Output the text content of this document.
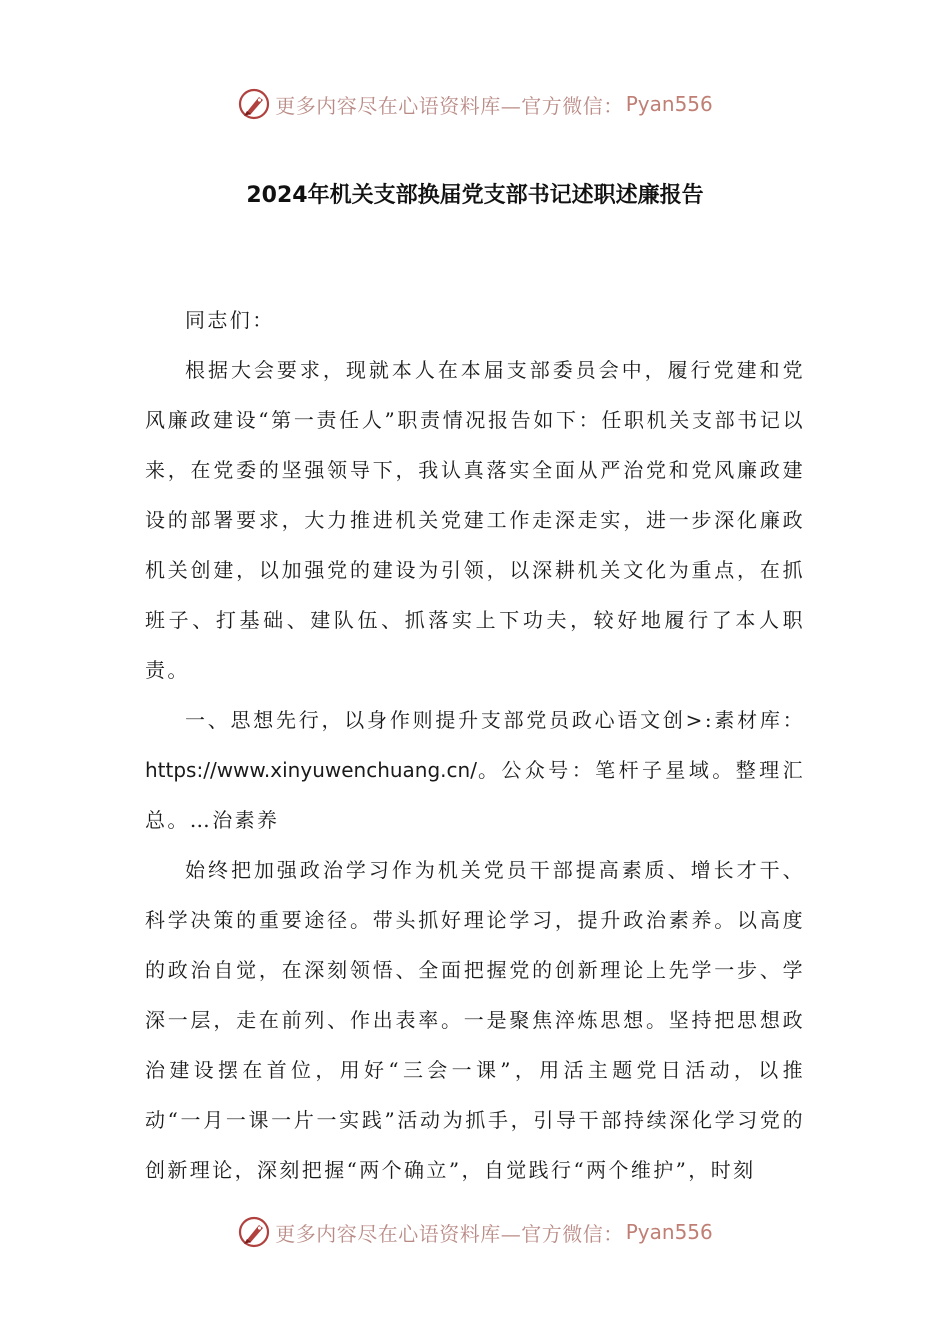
更多内容尽在心语资料库—官方微信： Pyan556
2024年机关支部换届党支部书记述职述廉报告

同志们：

根据大会要求，现就本人在本届支部委员会中，履行党建和党风廉政建设“第一责任人”职责情况报告如下：任职机关支部书记以来，在党委的坚强领导下，我认真落实全面从严治党和党风廉政建设的部署要求，大力推进机关党建工作走深走实，进一步深化廉政机关创建，以加强党的建设为引领，以深耕机关文化为重点，在抓班子、打基础、建队伍、抓落实上下功夫，较好地履行了本人职责。

一、思想先行，以身作则提升支部党员政心语文创>:素材库：https://www.xinyuwenchuang.cn/。公众号：笔杆子星域。整理汇总。…治素养

始终把加强政治学习作为机关党员干部提高素质、增长才干、科学决策的重要途径。带头抓好理论学习，提升政治素养。以高度的政治自觉，在深刻领悟、全面把握党的创新理论上先学一步、学深一层，走在前列、作出表率。一是聚焦淬炼思想。坚持把思想政治建设摆在首位，用好“三会一课”，用活主题党日活动，以推动“一月一课一片一实践”活动为抓手，引导干部持续深化学习党的创新理论，深刻把握“两个确立”，自觉践行“两个维护”，时刻

更多内容尽在心语资料库—官方微信： Pyan556
